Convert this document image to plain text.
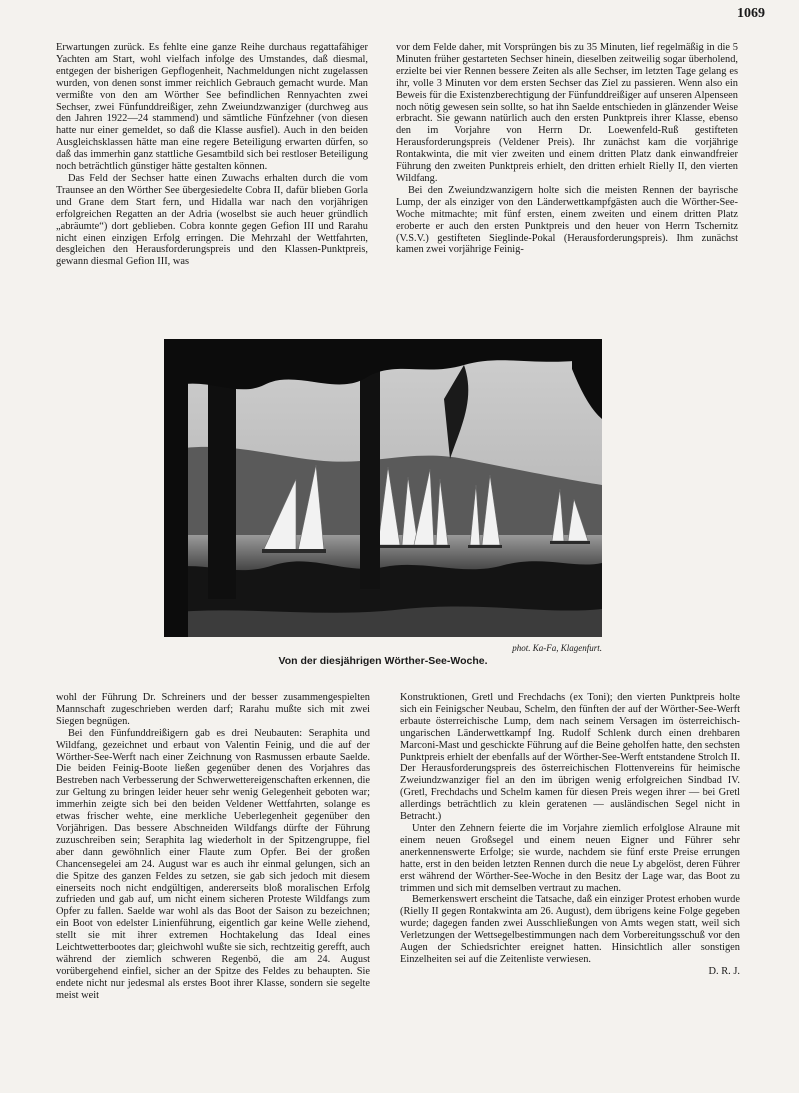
1069

Erwartungen zurück. Es fehlte eine ganze Reihe durchaus regattafähiger Yachten am Start, wohl vielfach infolge des Umstandes, daß diesmal, entgegen der bisherigen Gepflogenheit, Nachmeldungen nicht zugelassen wurden, von denen sonst immer reichlich Gebrauch gemacht wurde. Man vermißte von den am Wörther See befindlichen Rennyachten zwei Sechser, zwei Fünfunddreißiger, zehn Zweiundzwanziger (durchweg aus den Jahren 1922—24 stammend) und sämtliche Fünfzehner (von diesen hatte nur einer gemeldet, so daß die Klasse ausfiel). Auch in den beiden Ausgleichsklassen hätte man eine regere Beteiligung erwarten dürfen, so daß das immerhin ganz stattliche Gesamtbild sich bei restloser Beteiligung noch beträchtlich günstiger hätte gestalten können.

Das Feld der Sechser hatte einen Zuwachs erhalten durch die vom Traunsee an den Wörther See übergesiedelte Cobra II, dafür blieben Gorla und Grane dem Start fern, und Hidalla war nach den vorjährigen erfolgreichen Regatten an der Adria (woselbst sie auch heuer gründlich „abräumte“) dort geblieben. Cobra konnte gegen Gefion III und Rarahu nicht einen einzigen Erfolg erringen. Die Mehrzahl der Wettfahrten, desgleichen den Herausforderungspreis und den Klassen-Punktpreis, gewann diesmal Gefion III, was

vor dem Felde daher, mit Vorsprüngen bis zu 35 Minuten, lief regelmäßig in die 5 Minuten früher gestarteten Sechser hinein, dieselben zeitweilig sogar überholend, erzielte bei vier Rennen bessere Zeiten als alle Sechser, im letzten Tage gelang es ihr, volle 3 Minuten vor dem ersten Sechser das Ziel zu passieren. Wenn also ein Beweis für die Existenzberechtigung der Fünfunddreißiger auf unseren Alpenseen noch nötig gewesen sein sollte, so hat ihn Saelde entschieden in glänzender Weise erbracht. Sie gewann natürlich auch den ersten Punktpreis ihrer Klasse, ebenso den im Vorjahre von Herrn Dr. Loewenfeld-Ruß gestifteten Herausforderungspreis (Veldener Preis). Ihr zunächst kam die vorjährige Rontakwinta, die mit vier zweiten und einem dritten Platz dank einwandfreier Führung den zweiten Punktpreis erhielt, den dritten erhielt Rielly II, den vierten Wildfang.

Bei den Zweiundzwanzigern holte sich die meisten Rennen der bayrische Lump, der als einziger von den Länderwettkampfgästen auch die Wörther-See-Woche mitmachte; mit fünf ersten, einem zweiten und einem dritten Platz eroberte er auch den ersten Punktpreis und den heuer von Herrn Tschernitz (V.S.V.) gestifteten Sieglinde-Pokal (Herausforderungspreis). Ihm zunächst kamen zwei vorjährige Feinig-

phot. Ka-Fa, Klagenfurt.
Von der diesjährigen Wörther-See-Woche.

wohl der Führung Dr. Schreiners und der besser zusammengespielten Mannschaft zugeschrieben werden darf; Rarahu mußte sich mit zwei Siegen begnügen.

Bei den Fünfunddreißigern gab es drei Neubauten: Seraphita und Wildfang, gezeichnet und erbaut von Valentin Feinig, und die auf der Wörther-See-Werft nach einer Zeichnung von Rasmussen erbaute Saelde. Die beiden Feinig-Boote ließen gegenüber denen des Vorjahres das Bestreben nach Verbesserung der Schwerwettereigenschaften erkennen, die zur Geltung zu bringen leider heuer sehr wenig Gelegenheit geboten war; immerhin zeigte sich bei den beiden Veldener Wettfahrten, solange es etwas frischer wehte, eine merkliche Ueberlegenheit gegenüber den Vorjährigen. Das bessere Abschneiden Wildfangs dürfte der Führung zuzuschreiben sein; Seraphita lag wiederholt in der Spitzengruppe, fiel aber dann gewöhnlich einer Flaute zum Opfer. Bei der großen Chancensegelei am 24. August war es auch ihr einmal gelungen, sich an die Spitze des ganzen Feldes zu setzen, sie gab sich jedoch mit diesem einerseits noch nicht endgültigen, andererseits bloß moralischen Erfolg zufrieden und gab auf, um nicht einem sicheren Proteste Wildfangs zum Opfer zu fallen. Saelde war wohl als das Boot der Saison zu bezeichnen; ein Boot von edelster Linienführung, eigentlich gar keine Welle ziehend, stellt sie mit ihrer extremen Hochtakelung das Ideal eines Leichtwetterbootes dar; gleichwohl wußte sie sich, rechtzeitig gerefft, auch während der ziemlich schweren Regenbö, die am 24. August vorübergehend einfiel, sicher an der Spitze des Feldes zu behaupten. Sie endete nicht nur jedesmal als erstes Boot ihrer Klasse, sondern sie segelte meist weit

Konstruktionen, Gretl und Frechdachs (ex Toni); den vierten Punktpreis holte sich ein Feinigscher Neubau, Schelm, den fünften der auf der Wörther-See-Werft erbaute österreichische Lump, dem nach seinem Versagen im österreichisch-ungarischen Länderwettkampf Ing. Rudolf Schlenk durch einen drehbaren Marconi-Mast und geschickte Führung auf die Beine geholfen hatte, den sechsten Punktpreis erhielt der ebenfalls auf der Wörther-See-Werft entstandene Strolch II. Der Herausforderungspreis des österreichischen Flottenvereins für heimische Zweiundzwanziger fiel an den im übrigen wenig erfolgreichen Sindbad IV. (Gretl, Frechdachs und Schelm kamen für diesen Preis wegen ihrer — bei Gretl allerdings beträchtlich zu klein geratenen — ausländischen Segel nicht in Betracht.)

Unter den Zehnern feierte die im Vorjahre ziemlich erfolglose Alraune mit einem neuen Großsegel und einem neuen Eigner und Führer sehr anerkennenswerte Erfolge; sie wurde, nachdem sie fünf erste Preise errungen hatte, erst in den beiden letzten Rennen durch die neue Ly abgelöst, deren Führer erst während der Wörther-See-Woche in den Besitz der Lage war, das Boot zu trimmen und sich mit demselben vertraut zu machen.

Bemerkenswert erscheint die Tatsache, daß ein einziger Protest erhoben wurde (Rielly II gegen Rontakwinta am 26. August), dem übrigens keine Folge gegeben wurde; dagegen fanden zwei Ausschließungen von Amts wegen statt, weil sich Verletzungen der Wettsegelbestimmungen nach dem Vorbereitungsschuß vor den Augen der Schiedsrichter ereignet hatten. Hinsichtlich aller sonstigen Einzelheiten sei auf die Zeitenliste verwiesen.

D. R. J.
